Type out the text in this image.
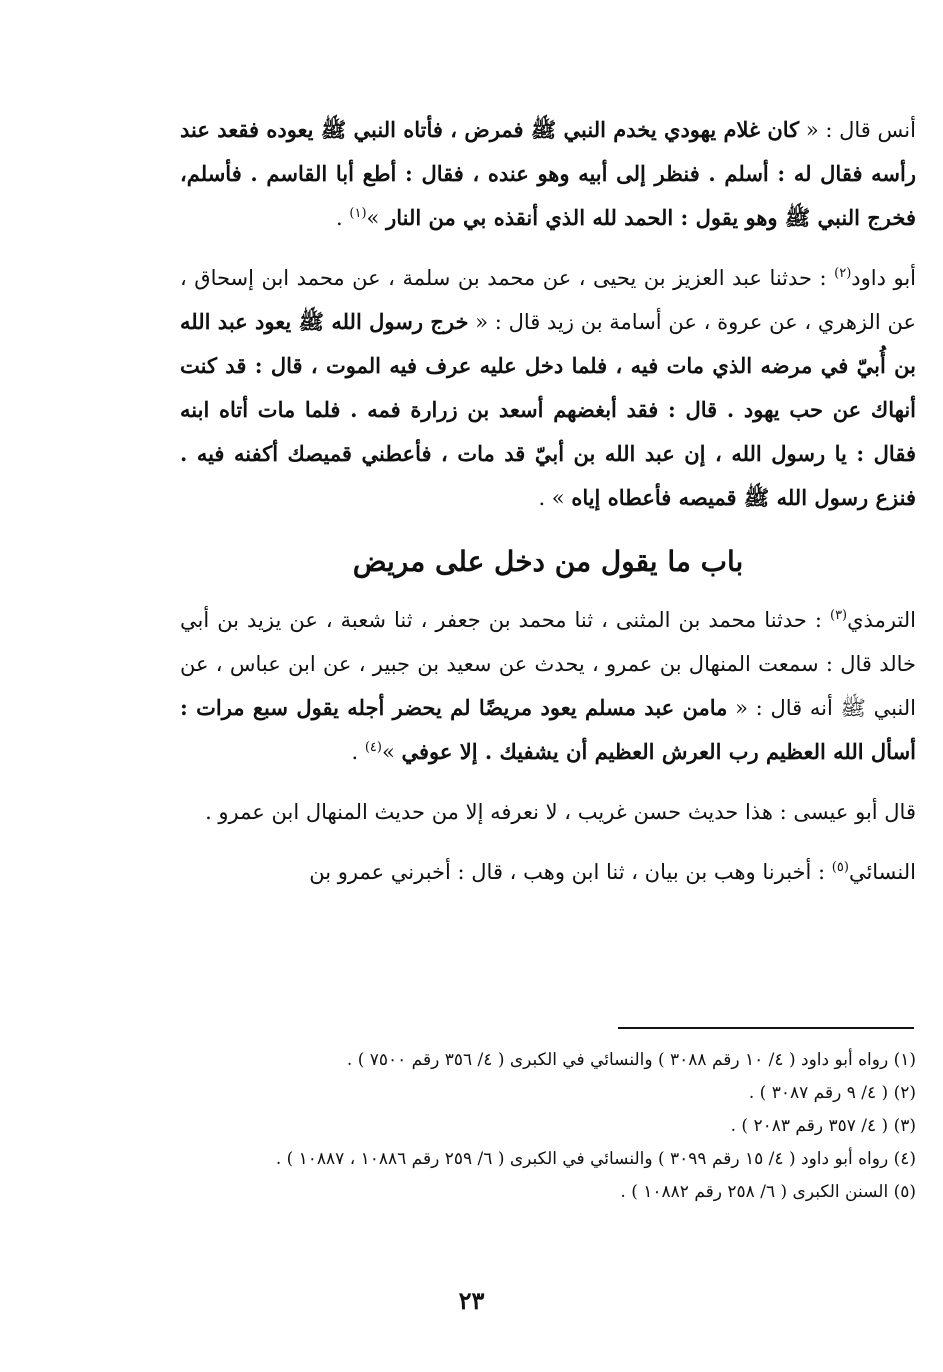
أنس قال : « كان غلام يهودي يخدم النبي ﷺ فمرض ، فأتاه النبي ﷺ يعوده فقعد عند رأسه فقال له : أسلم . فنظر إلى أبيه وهو عنده ، فقال : أطع أبا القاسم . فأسلم، فخرج النبي ﷺ وهو يقول : الحمد لله الذي أنقذه بي من النار »$^{(١)}$ .

أبو داود$^{(٢)}$ : حدثنا عبد العزيز بن يحيى ، عن محمد بن سلمة ، عن محمد ابن إسحاق ، عن الزهري ، عن عروة ، عن أسامة بن زيد قال : « خرج رسول الله ﷺ يعود عبد الله بن أُبيّ في مرضه الذي مات فيه ، فلما دخل عليه عرف فيه الموت ، قال : قد كنت أنهاك عن حب يهود . قال : فقد أبغضهم أسعد بن زرارة فمه . فلما مات أتاه ابنه فقال : يا رسول الله ، إن عبد الله بن أبيّ قد مات ، فأعطني قميصك أكفنه فيه . فنزع رسول الله ﷺ قميصه فأعطاه إياه » .

باب ما يقول من دخل على مريض

الترمذي$^{(٣)}$ : حدثنا محمد بن المثنى ، ثنا محمد بن جعفر ، ثنا شعبة ، عن يزيد بن أبي خالد قال : سمعت المنهال بن عمرو ، يحدث عن سعيد بن جبير ، عن ابن عباس ، عن النبي ﷺ أنه قال : « مامن عبد مسلم يعود مريضًا لم يحضر أجله يقول سبع مرات : أسأل الله العظيم رب العرش العظيم أن يشفيك . إلا عوفي »$^{(٤)}$ .

قال أبو عيسى : هذا حديث حسن غريب ، لا نعرفه إلا من حديث المنهال ابن عمرو .

النسائي$^{(٥)}$ : أخبرنا وهب بن بيان ، ثنا ابن وهب ، قال : أخبرني عمرو بن

(١) رواه أبو داود ( ٤/ ١٠ رقم ٣٠٨٨ ) والنسائي في الكبرى ( ٤/ ٣٥٦ رقم ٧٥٠٠ ) .
(٢) ( ٤/ ٩ رقم ٣٠٨٧ ) .
(٣) ( ٤/ ٣٥٧ رقم ٢٠٨٣ ) .
(٤) رواه أبو داود ( ٤/ ١٥ رقم ٣٠٩٩ ) والنسائي في الكبرى ( ٦/ ٢٥٩ رقم ١٠٨٨٦ ، ١٠٨٨٧ ) .
(٥) السنن الكبرى ( ٦/ ٢٥٨ رقم ١٠٨٨٢ ) .
٢٣
